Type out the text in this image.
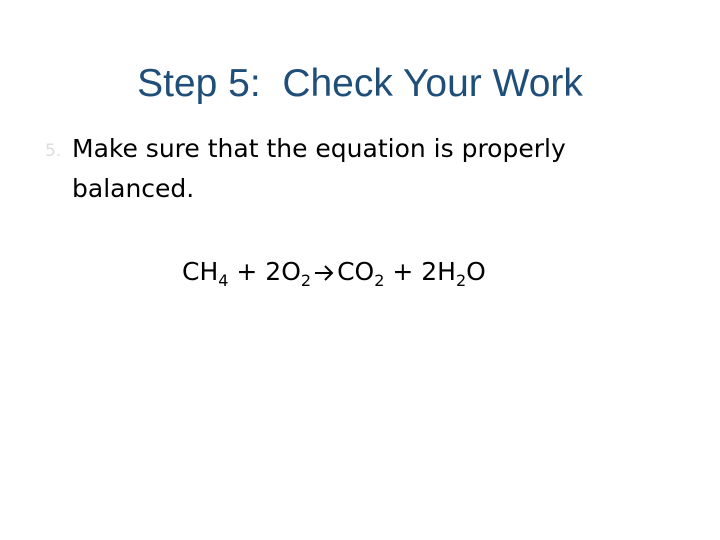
Step 5:  Check Your Work
5. Make sure that the equation is properly balanced.
$CH_4 + 2O_2$ $CO_2 + 2H_2O$
